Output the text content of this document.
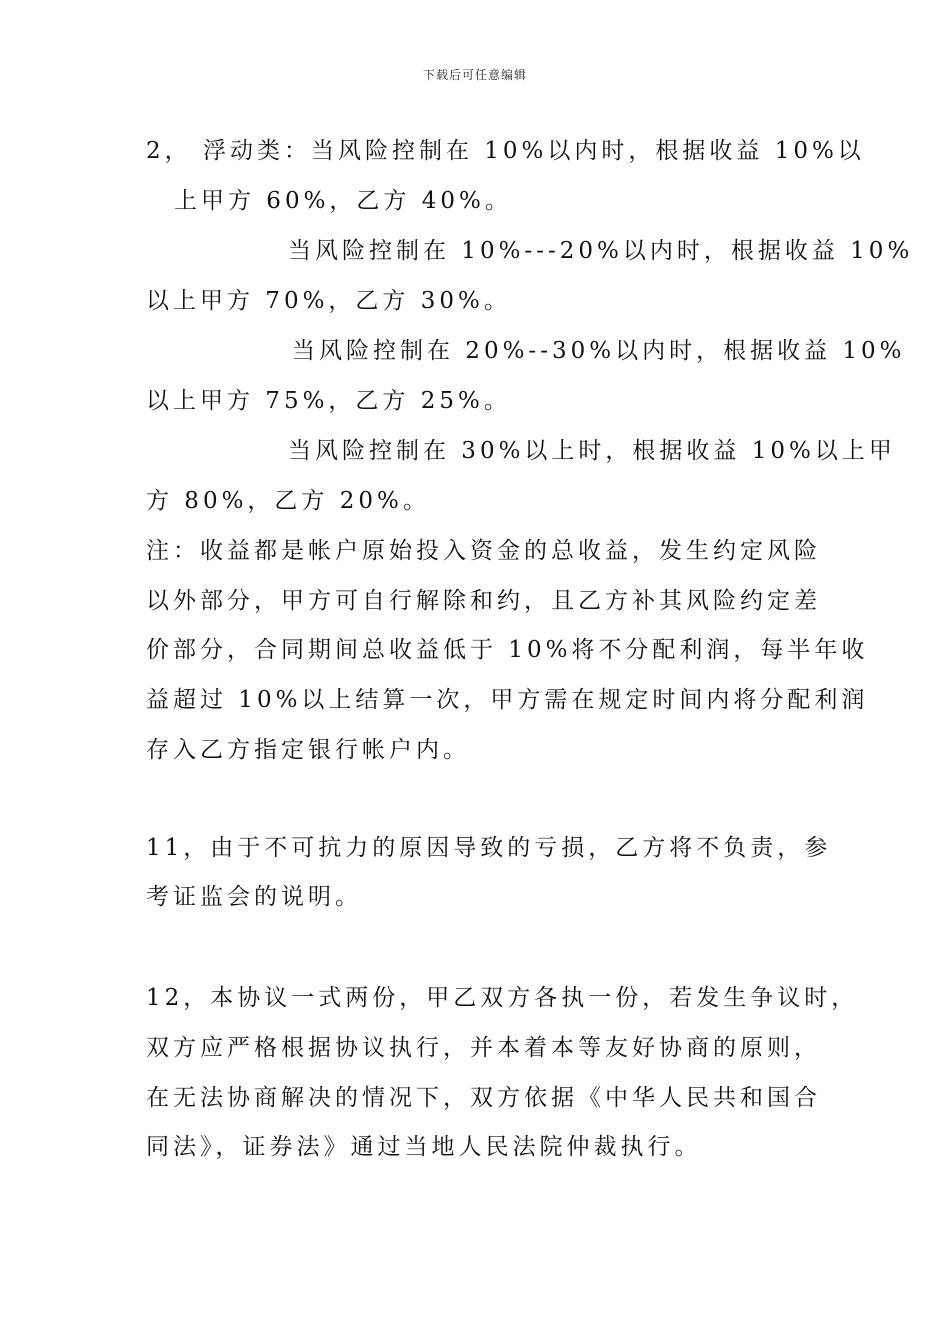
下载后可任意编辑
2， 浮动类：当风险控制在 10%以内时，根据收益 10%以
上甲方 60%，乙方 40%。
当风险控制在 10%---20%以内时，根据收益 10%
以上甲方 70%，乙方 30%。
当风险控制在 20%--30%以内时，根据收益 10%
以上甲方 75%，乙方 25%。
当风险控制在 30%以上时，根据收益 10%以上甲
方 80%，乙方 20%。
注：收益都是帐户原始投入资金的总收益，发生约定风险
以外部分，甲方可自行解除和约，且乙方补其风险约定差
价部分，合同期间总收益低于 10%将不分配利润，每半年收
益超过 10%以上结算一次，甲方需在规定时间内将分配利润
存入乙方指定银行帐户内。
11，由于不可抗力的原因导致的亏损，乙方将不负责，参
考证监会的说明。
12，本协议一式两份，甲乙双方各执一份，若发生争议时，
双方应严格根据协议执行，并本着本等友好协商的原则，
在无法协商解决的情况下，双方依据《中华人民共和国合
同法》，证券法》通过当地人民法院仲裁执行。
